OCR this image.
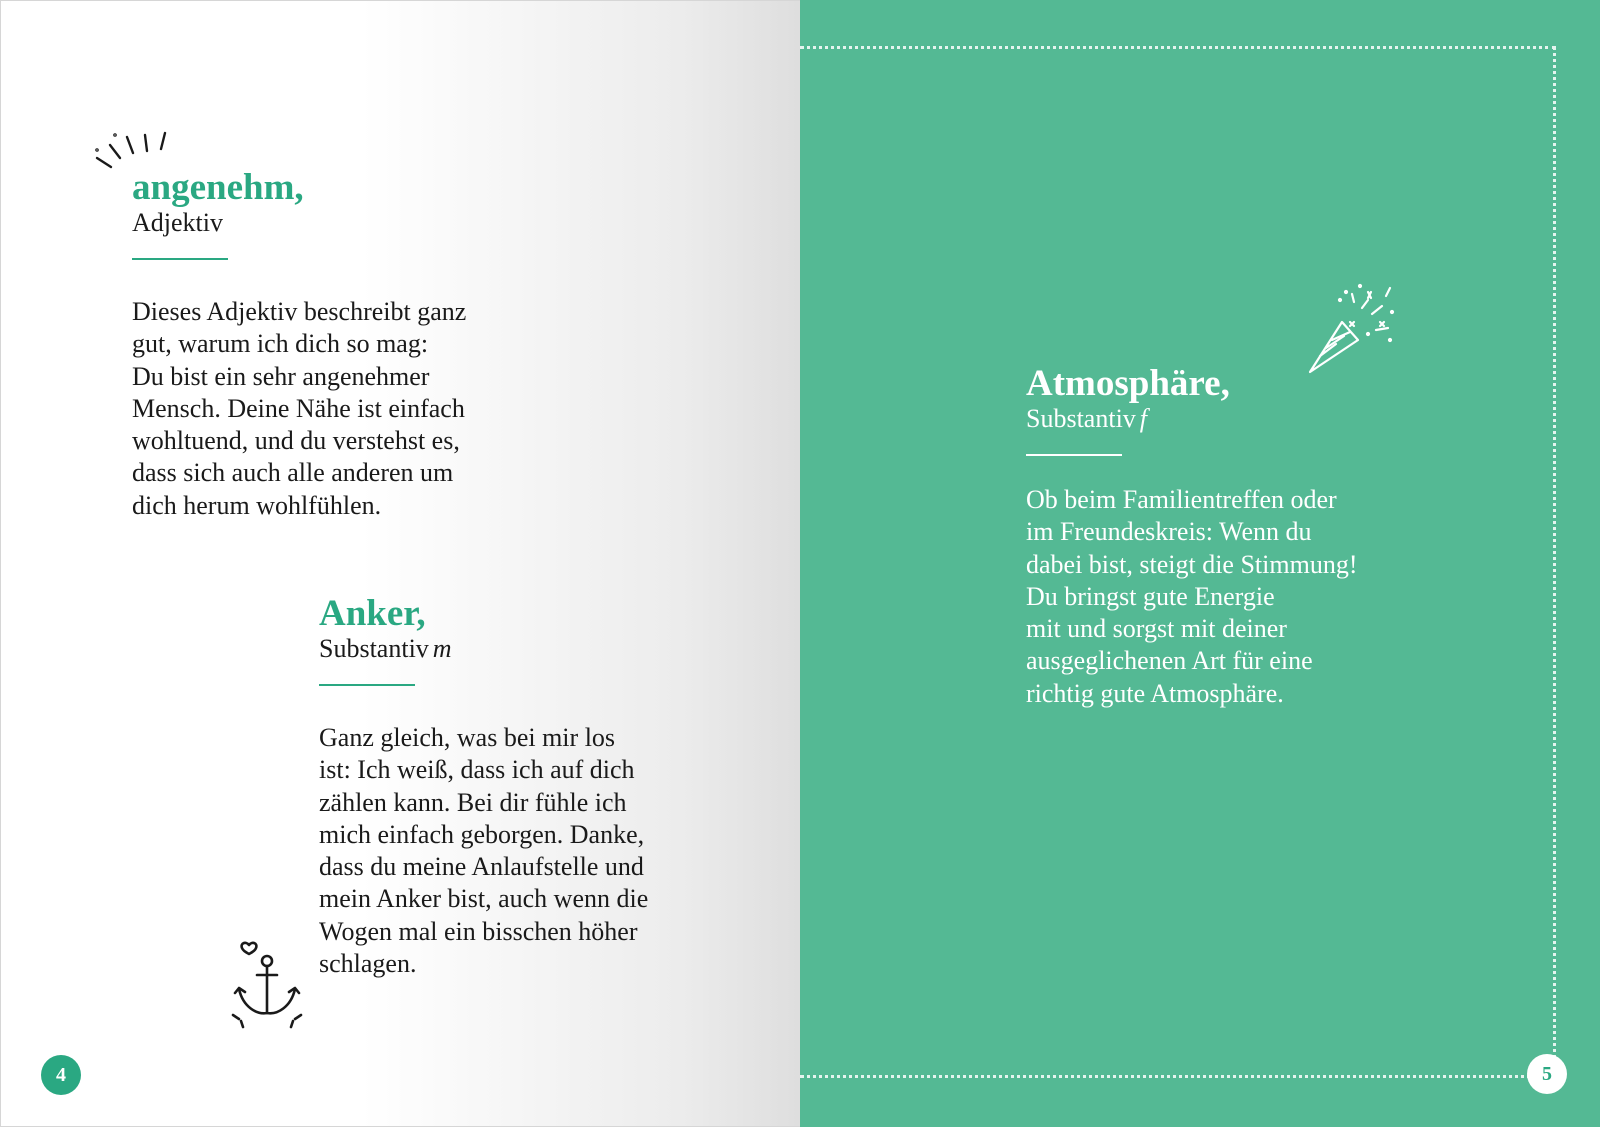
angenehm,

Adjektiv

Dieses Adjektiv beschreibt ganz
gut, warum ich dich so mag:
Du bist ein sehr angenehmer
Mensch. Deine Nähe ist einfach
wohltuend, und du verstehst es,
dass sich auch alle anderen um
dich herum wohlfühlen.

Anker,

Substantiv m

Ganz gleich, was bei mir los
ist: Ich weiß, dass ich auf dich
zählen kann. Bei dir fühle ich
mich einfach geborgen. Danke,
dass du meine Anlaufstelle und
mein Anker bist, auch wenn die
Wogen mal ein bisschen höher
schlagen.

4
Atmosphäre,

Substantiv f

Ob beim Familientreffen oder
im Freundeskreis: Wenn du
dabei bist, steigt die Stimmung!
Du bringst gute Energie
mit und sorgst mit deiner
ausgeglichenen Art für eine
richtig gute Atmosphäre.

5
